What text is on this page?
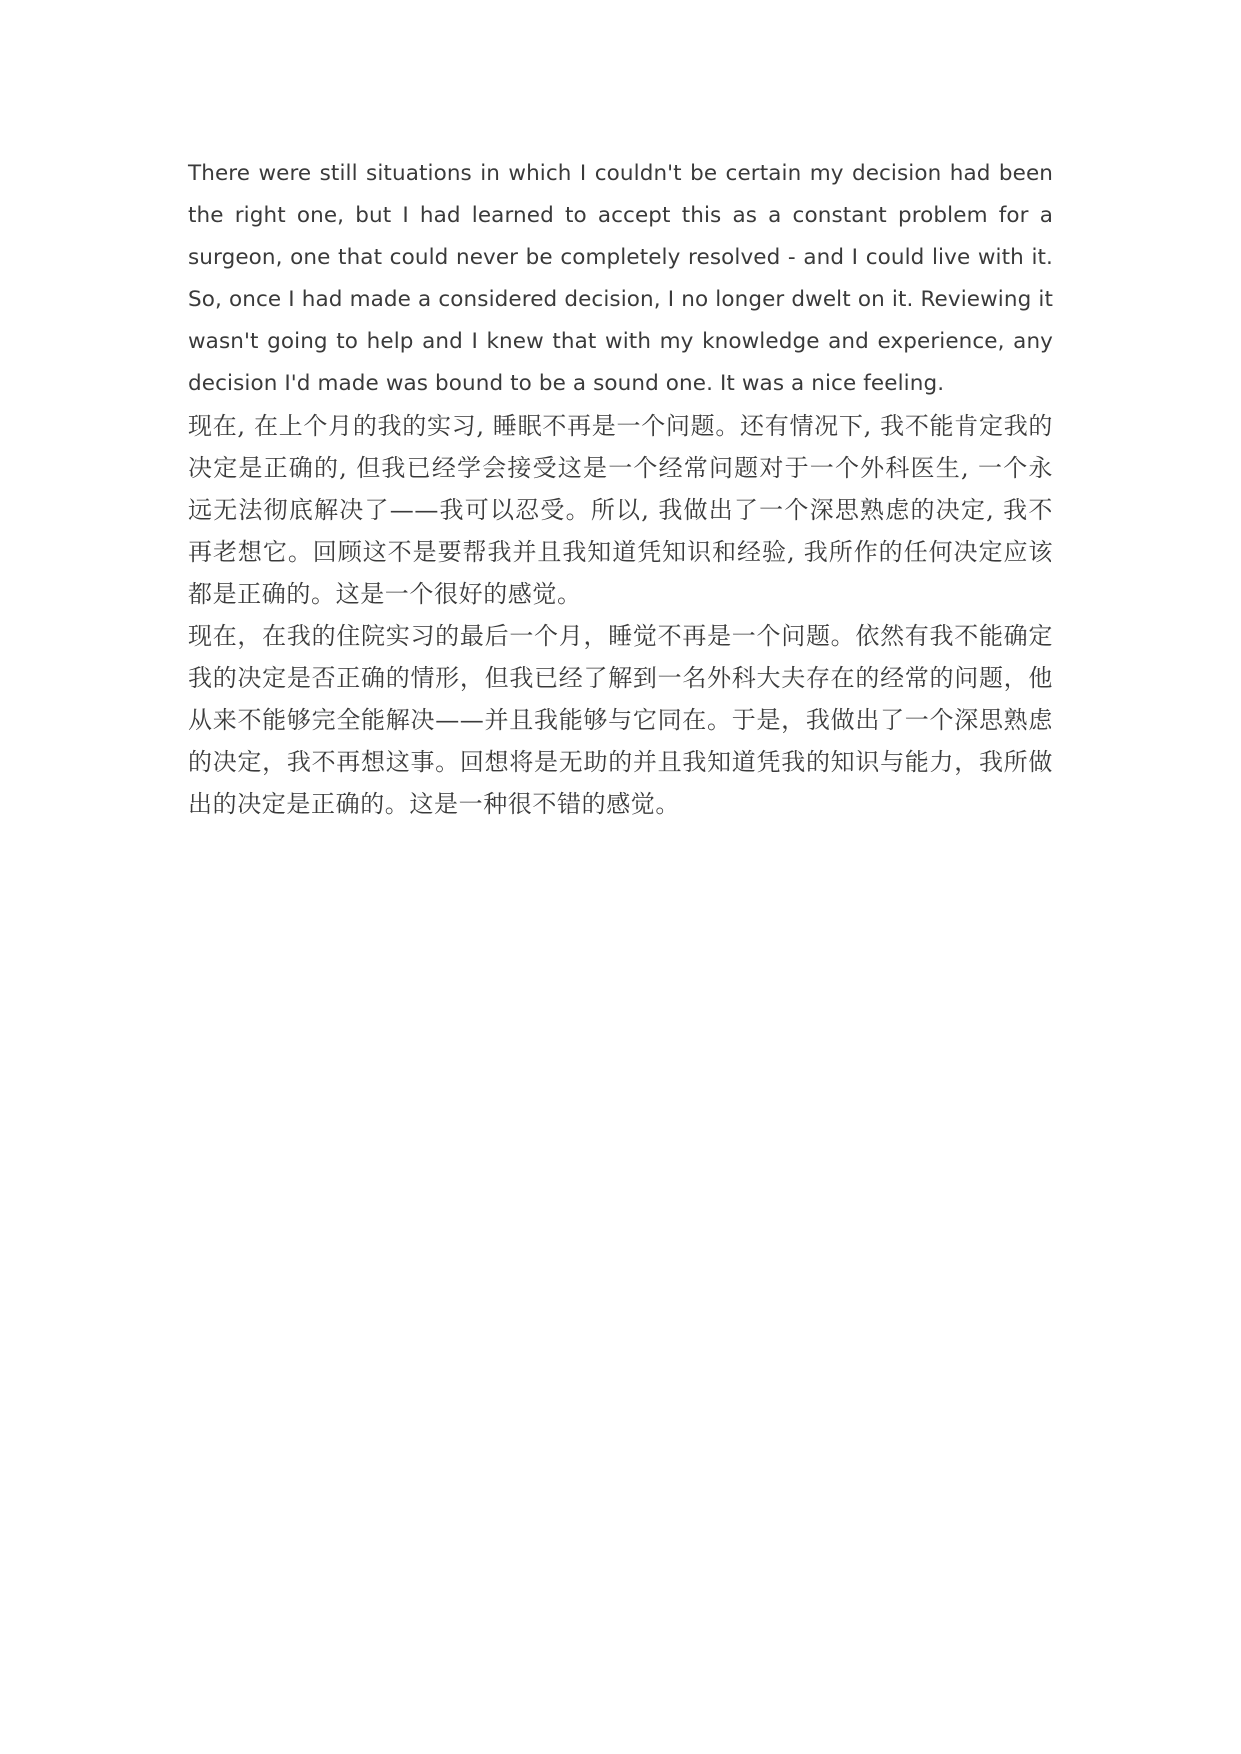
There were still situations in which I couldn't be certain my decision had been the right one, but I had learned to accept this as a constant problem for a surgeon, one that could never be completely resolved - and I could live with it. So, once I had made a considered decision, I no longer dwelt on it. Reviewing it wasn't going to help and I knew that with my knowledge and experience, any decision I'd made was bound to be a sound one. It was a nice feeling.

现在, 在上个月的我的实习, 睡眠不再是一个问题。还有情况下, 我不能肯定我的决定是正确的, 但我已经学会接受这是一个经常问题对于一个外科医生, 一个永远无法彻底解决了——我可以忍受。所以, 我做出了一个深思熟虑的决定, 我不再老想它。回顾这不是要帮我并且我知道凭知识和经验, 我所作的任何决定应该都是正确的。这是一个很好的感觉。

现在，在我的住院实习的最后一个月，睡觉不再是一个问题。依然有我不能确定我的决定是否正确的情形，但我已经了解到一名外科大夫存在的经常的问题，他从来不能够完全能解决——并且我能够与它同在。于是，我做出了一个深思熟虑的决定，我不再想这事。回想将是无助的并且我知道凭我的知识与能力，我所做出的决定是正确的。这是一种很不错的感觉。
